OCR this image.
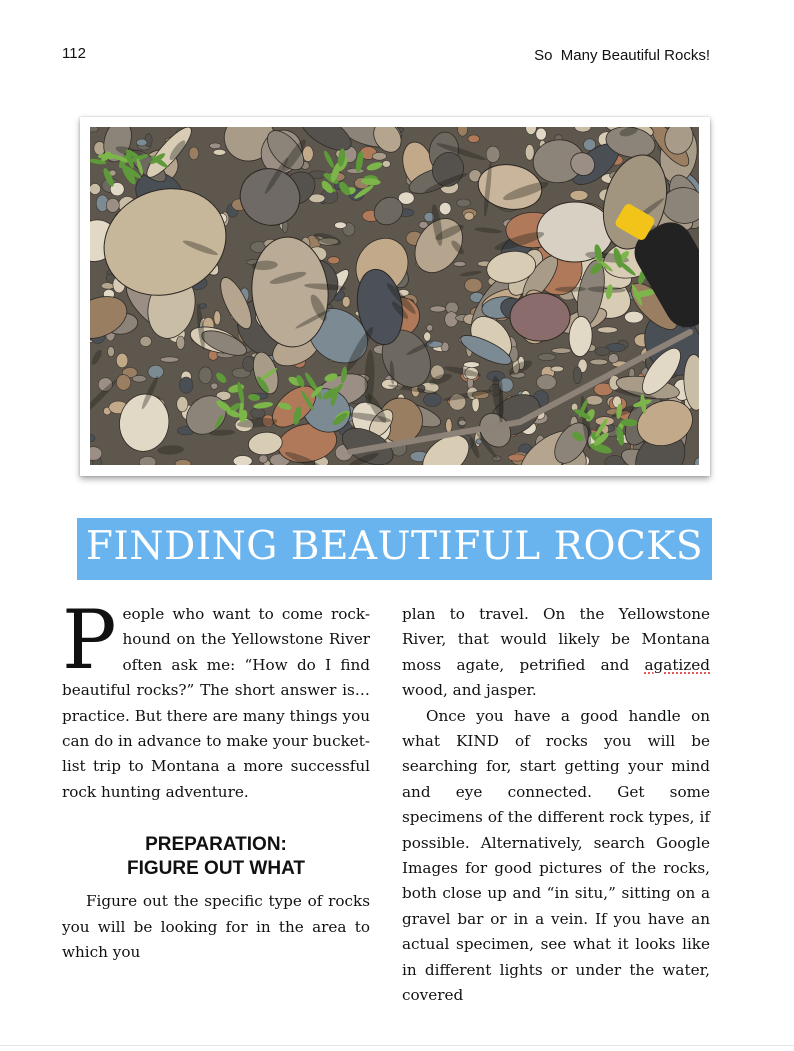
112	So  Many Beautiful Rocks!
FINDING BEAUTIFUL ROCKS

People who want to come rock-hound on the Yellowstone River often ask me: “How do I find beautiful rocks?” The short answer is… practice. But there are many things you can do in advance to make your bucket-list trip to Montana a more successful rock hunting adventure.

PREPARATION:
FIGURE OUT WHAT

Figure out the specific type of rocks you will be looking for in the area to which you

plan to travel. On the Yellowstone River, that would likely be Montana moss agate, petrified and agatized wood, and jasper.

Once you have a good handle on what KIND of rocks you will be searching for, start getting your mind and eye connected. Get some specimens of the different rock types, if possible. Alternatively, search Google Images for good pictures of the rocks, both close up and “in situ,” sitting on a gravel bar or in a vein. If you have an actual specimen, see what it looks like in different lights or under the water, covered
